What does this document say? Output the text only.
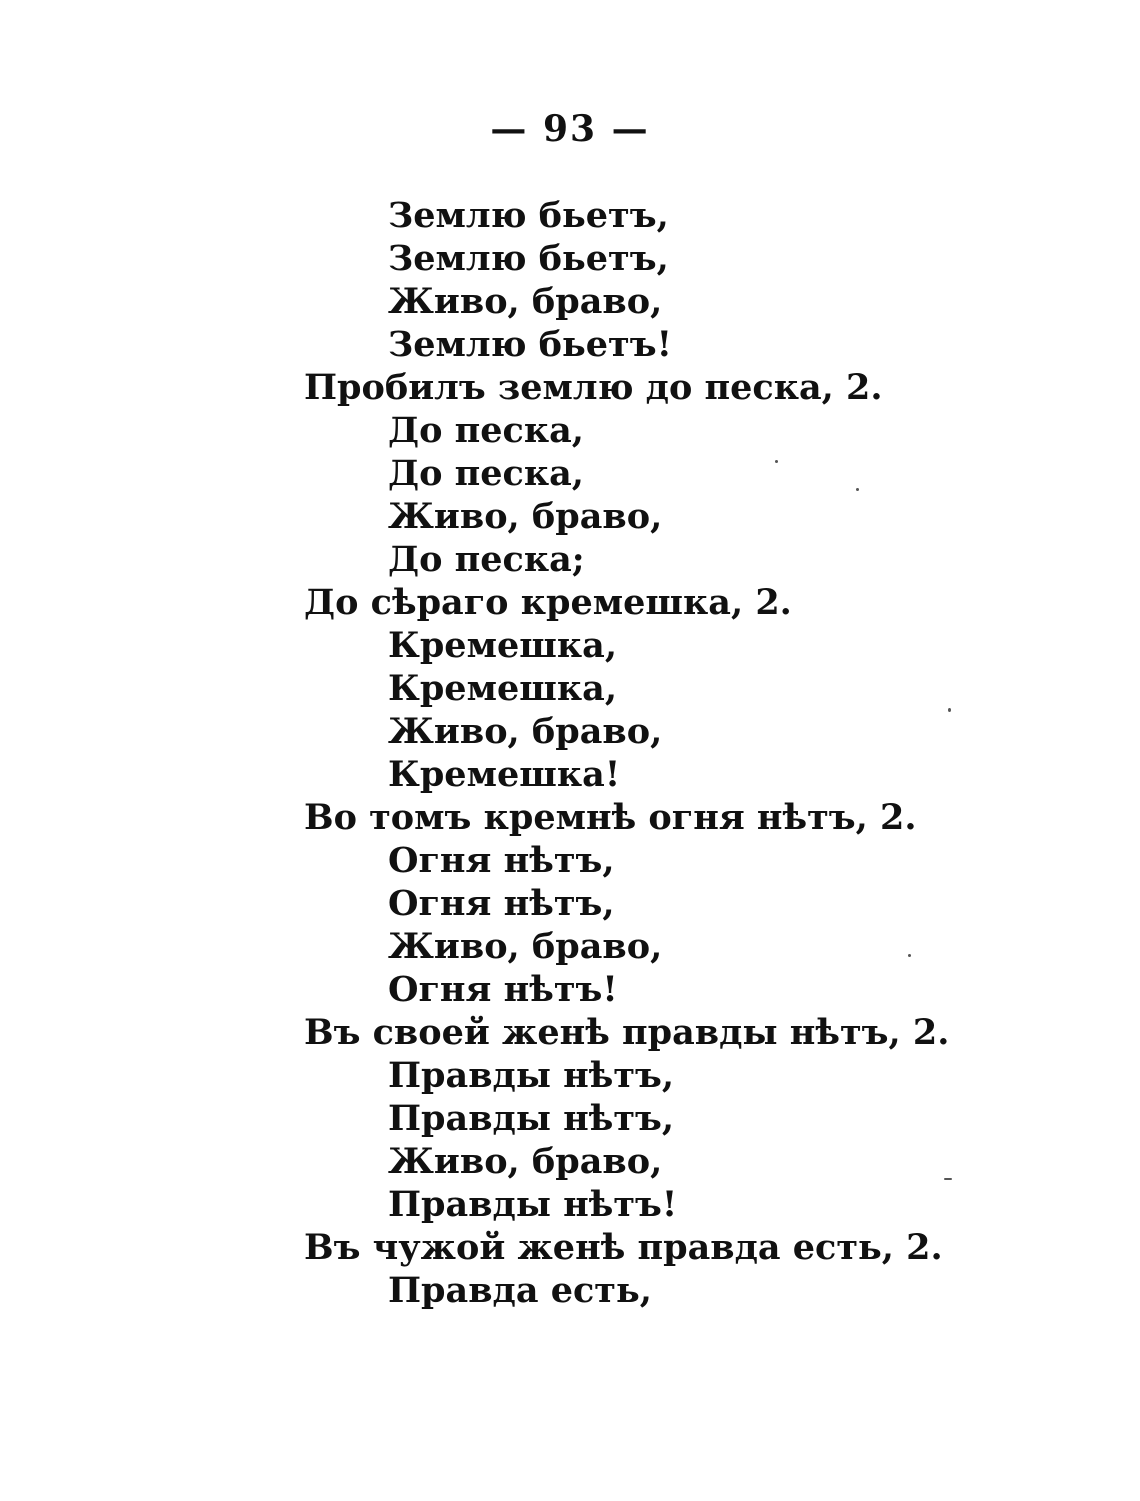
— 93 —
Землю бьетъ,
Землю бьетъ,
Живо, браво,
Землю бьетъ!
Пробилъ землю до песка, 2.
До песка,
До песка,
Живо, браво,
До песка;
До сѣраго кремешка, 2.
Кремешка,
Кремешка,
Живо, браво,
Кремешка!
Во томъ кремнѣ огня нѣтъ, 2.
Огня нѣтъ,
Огня нѣтъ,
Живо, браво,
Огня нѣтъ!
Въ своей женѣ правды нѣтъ, 2.
Правды нѣтъ,
Правды нѣтъ,
Живо, браво,
Правды нѣтъ!
Въ чужой женѣ правда есть, 2.
Правда есть,
